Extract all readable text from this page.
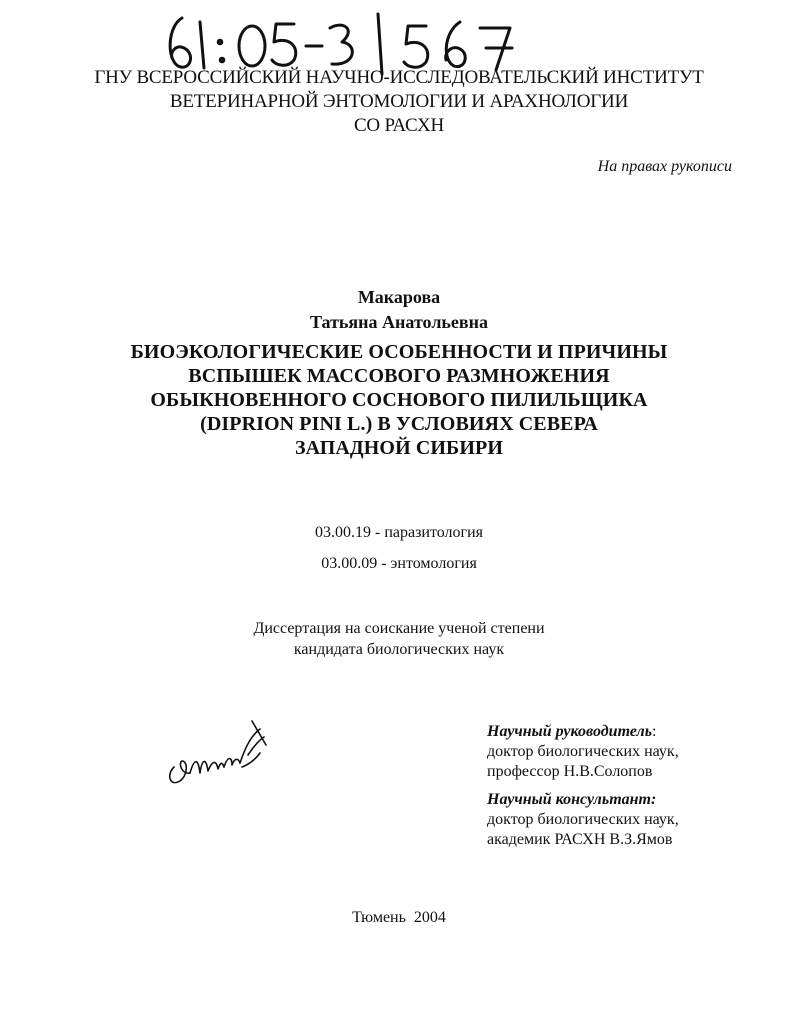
ГНУ ВСЕРОССИЙСКИЙ НАУЧНО-ИССЛЕДОВАТЕЛЬСКИЙ ИНСТИТУТ
ВЕТЕРИНАРНОЙ ЭНТОМОЛОГИИ И АРАХНОЛОГИИ
СО РАСХН
На правах рукописи
Макарова
Татьяна Анатольевна
БИОЭКОЛОГИЧЕСКИЕ ОСОБЕННОСТИ И ПРИЧИНЫ
ВСПЫШЕК МАССОВОГО РАЗМНОЖЕНИЯ
ОБЫКНОВЕННОГО СОСНОВОГО ПИЛИЛЬЩИКА
(DIPRION PINI L.) В УСЛОВИЯХ СЕВЕРА
ЗАПАДНОЙ СИБИРИ
03.00.19 - паразитология
03.00.09 - энтомология
Диссертация на соискание ученой степени
кандидата биологических наук
Научный руководитель:
доктор биологических наук,
профессор Н.В.Солопов
Научный консультант:
доктор биологических наук,
академик РАСХН В.З.Ямов
Тюмень  2004
